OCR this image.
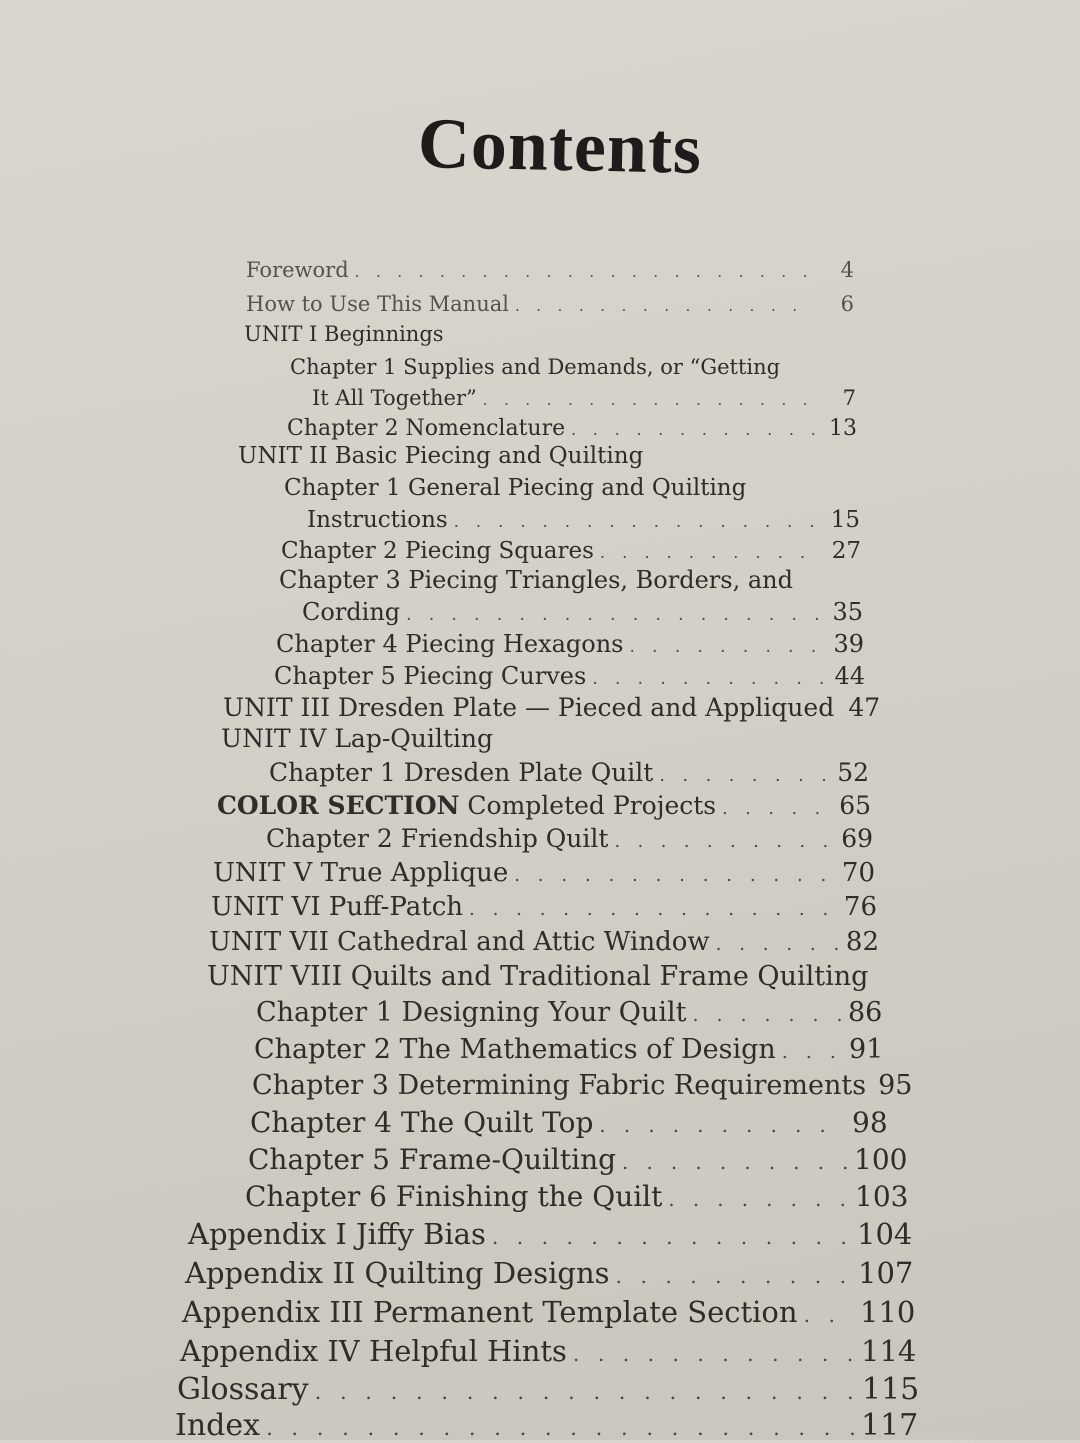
Contents
Foreword . . .	4
How to Use This Manual . . .	6
UNIT I Beginnings
Chapter 1 Supplies and Demands, or “Getting
It All Together” . . .	7
Chapter 2 Nomenclature . . .	13
UNIT II Basic Piecing and Quilting
Chapter 1 General Piecing and Quilting
Instructions . . .	15
Chapter 2 Piecing Squares . . .	27
Chapter 3 Piecing Triangles, Borders, and
Cording . . .	35
Chapter 4 Piecing Hexagons . . .	39
Chapter 5 Piecing Curves . . .	44
UNIT III Dresden Plate — Pieced and Appliqued 47
UNIT IV Lap-Quilting
Chapter 1 Dresden Plate Quilt . . .	52
COLOR SECTION Completed Projects . . .	65
Chapter 2 Friendship Quilt . . .	69
UNIT V True Applique . . .	70
UNIT VI Puff-Patch . . .	76
UNIT VII Cathedral and Attic Window . . .	82
UNIT VIII Quilts and Traditional Frame Quilting
Chapter 1 Designing Your Quilt . . .	86
Chapter 2 The Mathematics of Design . . .	91
Chapter 3 Determining Fabric Requirements 95
Chapter 4 The Quilt Top . . .	98
Chapter 5 Frame-Quilting . . .	100
Chapter 6 Finishing the Quilt . . .	103
Appendix I Jiffy Bias . . .	104
Appendix II Quilting Designs . . .	107
Appendix III Permanent Template Section . . . 110
Appendix IV Helpful Hints . . .	114
Glossary . . .	115
Index . . .	117
